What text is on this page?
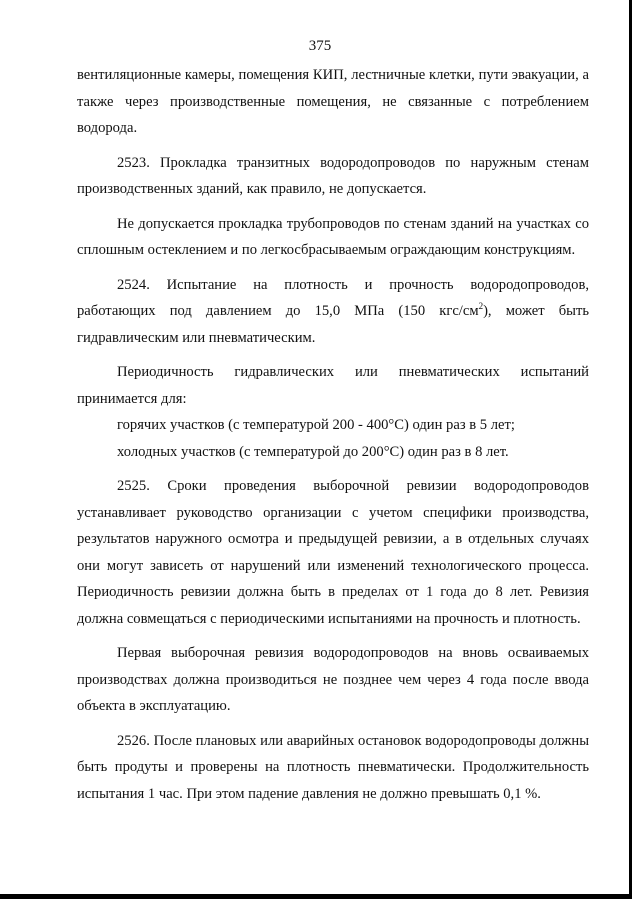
375

вентиляционные камеры, помещения КИП, лестничные клетки, пути эвакуации, а также через производственные помещения, не связанные с потреблением водорода.

2523. Прокладка транзитных водородопроводов по наружным стенам производственных зданий, как правило, не допускается.

Не допускается прокладка трубопроводов по стенам зданий на участках со сплошным остеклением и по легкосбрасываемым ограждающим конструкциям.

2524. Испытание на плотность и прочность водородопроводов, работающих под давлением до 15,0 МПа (150 кгс/$см^2$), может быть гидравлическим или пневматическим.

Периодичность гидравлических или пневматических испытаний принимается для:

горячих участков (с температурой 200 - 400°С) один раз в 5 лет;

холодных участков (с температурой до 200°С) один раз в 8 лет.

2525. Сроки проведения выборочной ревизии водородопроводов устанавливает руководство организации с учетом специфики производства, результатов наружного осмотра и предыдущей ревизии, а в отдельных случаях они могут зависеть от нарушений или изменений технологического процесса. Периодичность ревизии должна быть в пределах от 1 года до 8 лет. Ревизия должна совмещаться с периодическими испытаниями на прочность и плотность.

Первая выборочная ревизия водородопроводов на вновь осваиваемых производствах должна производиться не позднее чем через 4 года после ввода объекта в эксплуатацию.

2526. После плановых или аварийных остановок водородопроводы должны быть продуты и проверены на плотность пневматически. Продолжительность испытания 1 час. При этом падение давления не должно превышать 0,1 %.
